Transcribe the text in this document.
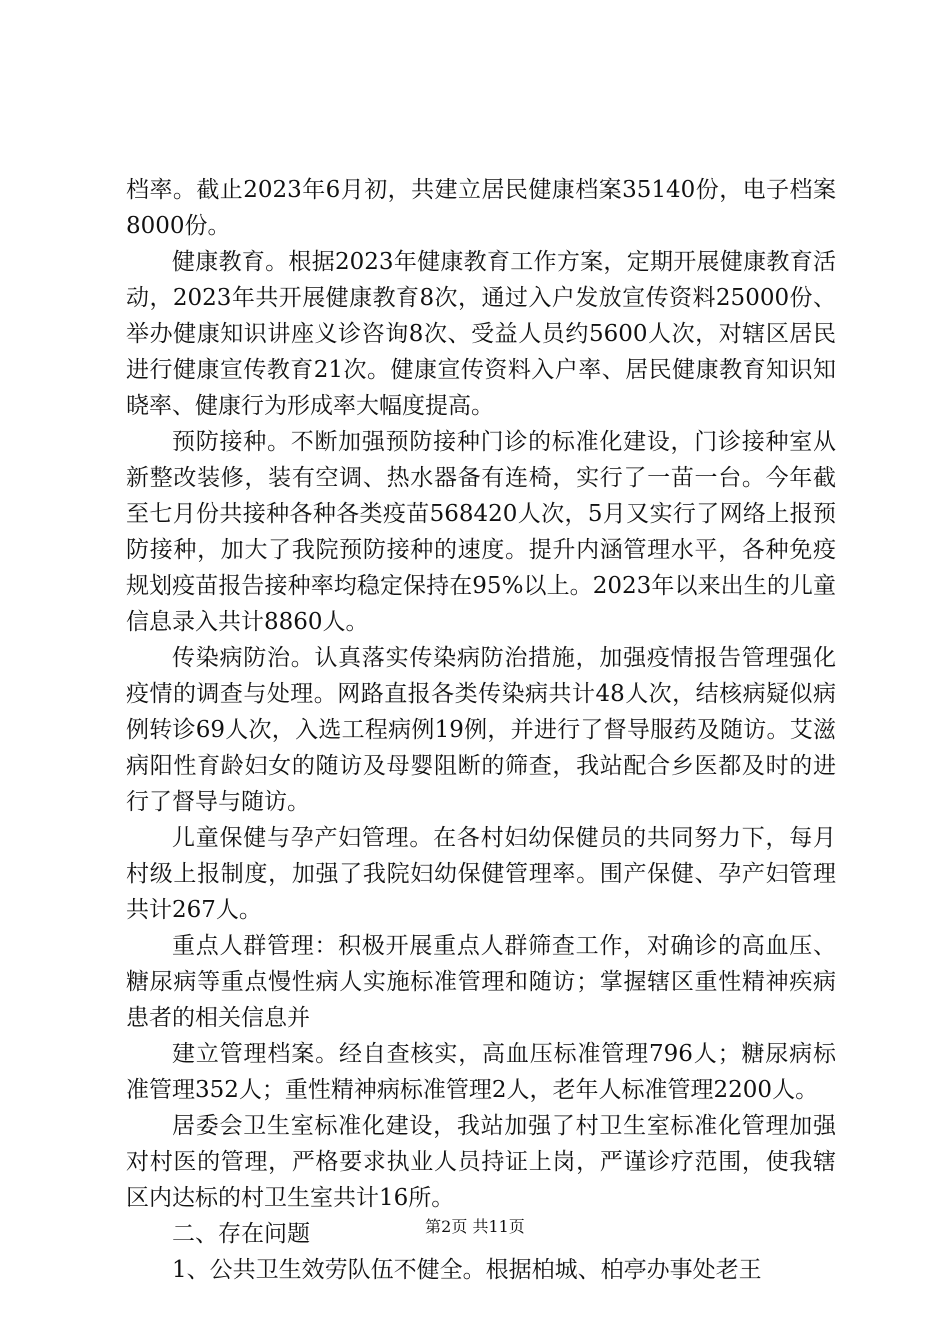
档率。截止2023年6月初，共建立居民健康档案35140份，电子档案8000份。

健康教育。根据2023年健康教育工作方案，定期开展健康教育活动，2023年共开展健康教育8次，通过入户发放宣传资料25000份、举办健康知识讲座义诊咨询8次、受益人员约5600人次，对辖区居民进行健康宣传教育21次。健康宣传资料入户率、居民健康教育知识知晓率、健康行为形成率大幅度提高。

预防接种。不断加强预防接种门诊的标准化建设，门诊接种室从新整改装修，装有空调、热水器备有连椅，实行了一苗一台。今年截至七月份共接种各种各类疫苗568420人次，5月又实行了网络上报预防接种，加大了我院预防接种的速度。提升内涵管理水平，各种免疫规划疫苗报告接种率均稳定保持在95%以上。2023年以来出生的儿童信息录入共计8860人。

传染病防治。认真落实传染病防治措施，加强疫情报告管理强化疫情的调查与处理。网路直报各类传染病共计48人次，结核病疑似病例转诊69人次，入选工程病例19例，并进行了督导服药及随访。艾滋病阳性育龄妇女的随访及母婴阻断的筛查，我站配合乡医都及时的进行了督导与随访。

儿童保健与孕产妇管理。在各村妇幼保健员的共同努力下，每月村级上报制度，加强了我院妇幼保健管理率。围产保健、孕产妇管理共计267人。

重点人群管理：积极开展重点人群筛查工作，对确诊的高血压、糖尿病等重点慢性病人实施标准管理和随访；掌握辖区重性精神疾病患者的相关信息并

建立管理档案。经自查核实，高血压标准管理796人；糖尿病标准管理352人；重性精神病标准管理2人，老年人标准管理2200人。

居委会卫生室标准化建设，我站加强了村卫生室标准化管理加强对村医的管理，严格要求执业人员持证上岗，严谨诊疗范围，使我辖区内达标的村卫生室共计16所。

二、存在问题

1、公共卫生效劳队伍不健全。根据柏城、柏亭办事处老王

第2页 共11页
